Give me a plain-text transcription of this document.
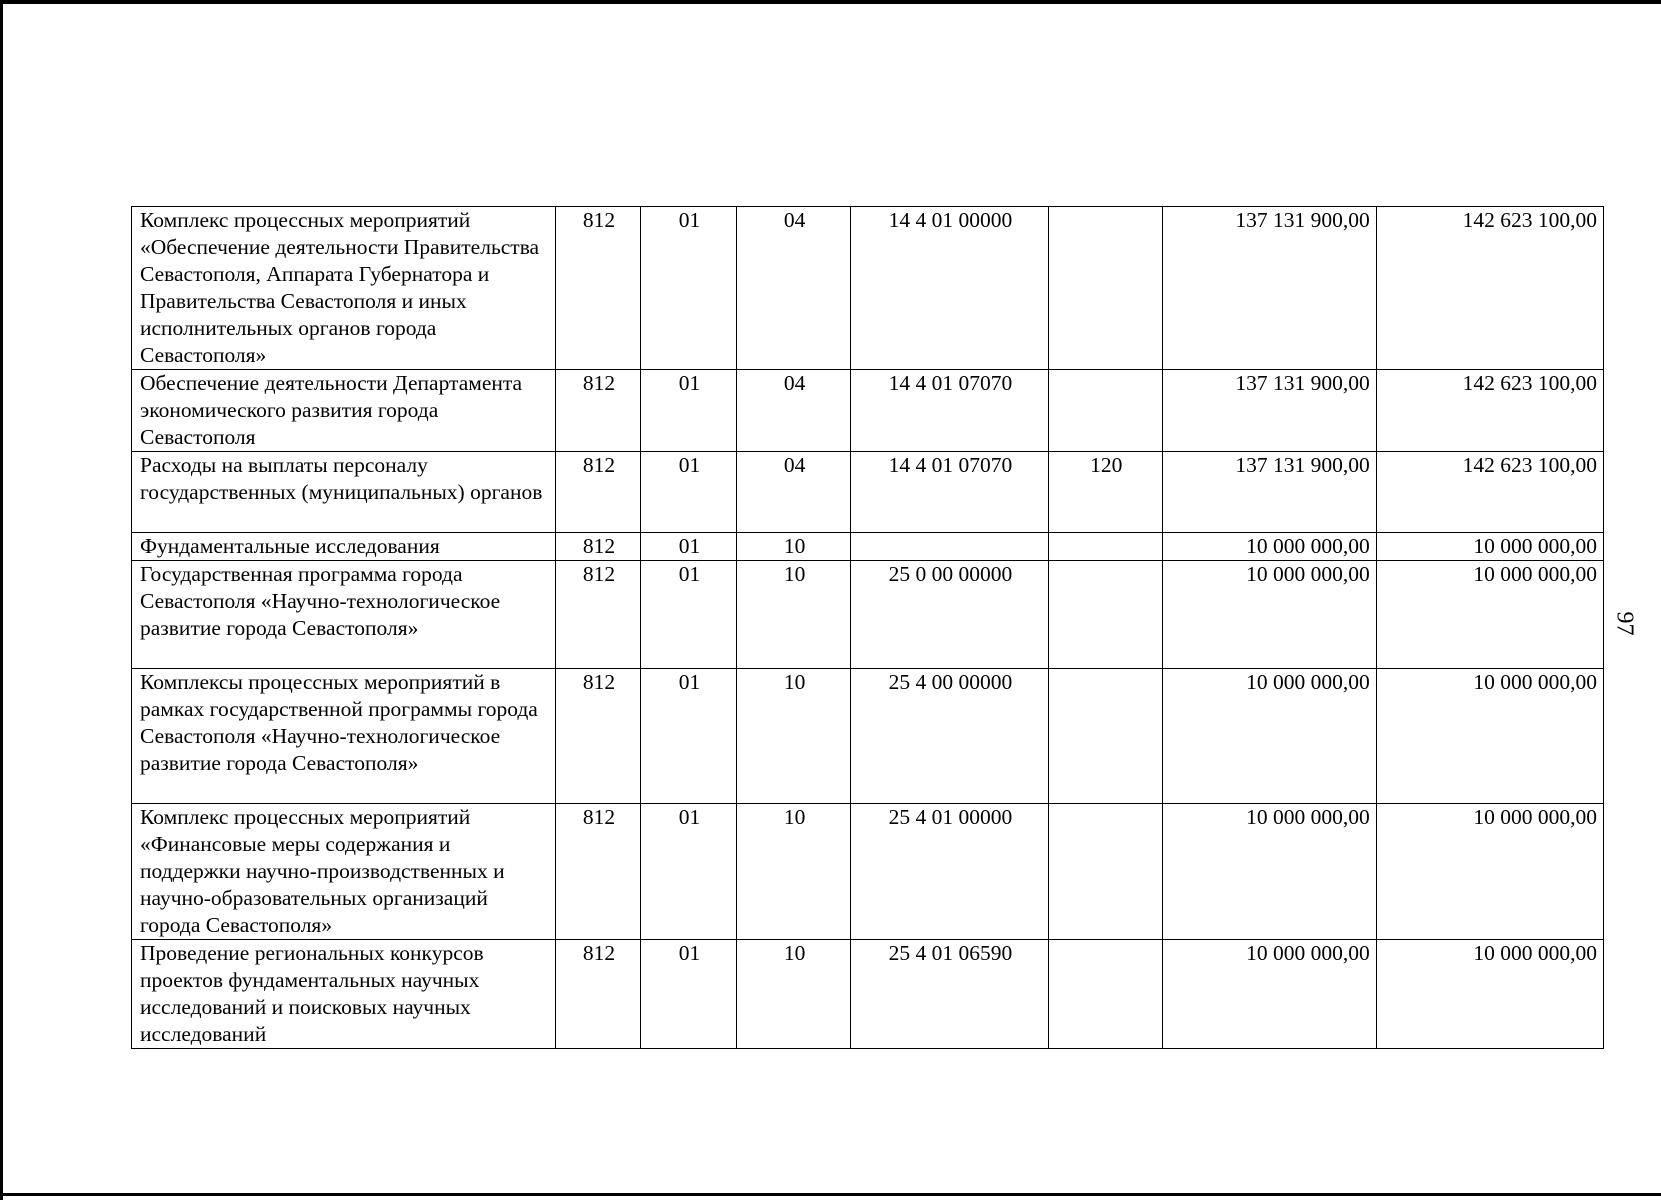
Комплекс процессных мероприятий «Обеспечение деятельности Правительства Севастополя, Аппарата Губернатора и Правительства Севастополя и иных исполнительных органов города Севастополя»	812	01	04	14 4 01 00000		137 131 900,00	142 623 100,00
Обеспечение деятельности Департамента экономического развития города Севастополя	812	01	04	14 4 01 07070		137 131 900,00	142 623 100,00
Расходы на выплаты персоналу государственных (муниципальных) органов	812	01	04	14 4 01 07070	120	137 131 900,00	142 623 100,00
Фундаментальные исследования	812	01	10			10 000 000,00	10 000 000,00
Государственная программа города Севастополя «Научно-технологическое развитие города Севастополя»	812	01	10	25 0 00 00000		10 000 000,00	10 000 000,00
Комплексы процессных мероприятий в рамках государственной программы города Севастополя «Научно-технологическое развитие города Севастополя»	812	01	10	25 4 00 00000		10 000 000,00	10 000 000,00
Комплекс процессных мероприятий «Финансовые меры содержания и поддержки научно-производственных и научно-образовательных организаций города Севастополя»	812	01	10	25 4 01 00000		10 000 000,00	10 000 000,00
Проведение региональных конкурсов проектов фундаментальных научных исследований и поисковых научных исследований	812	01	10	25 4 01 06590		10 000 000,00	10 000 000,00
97
